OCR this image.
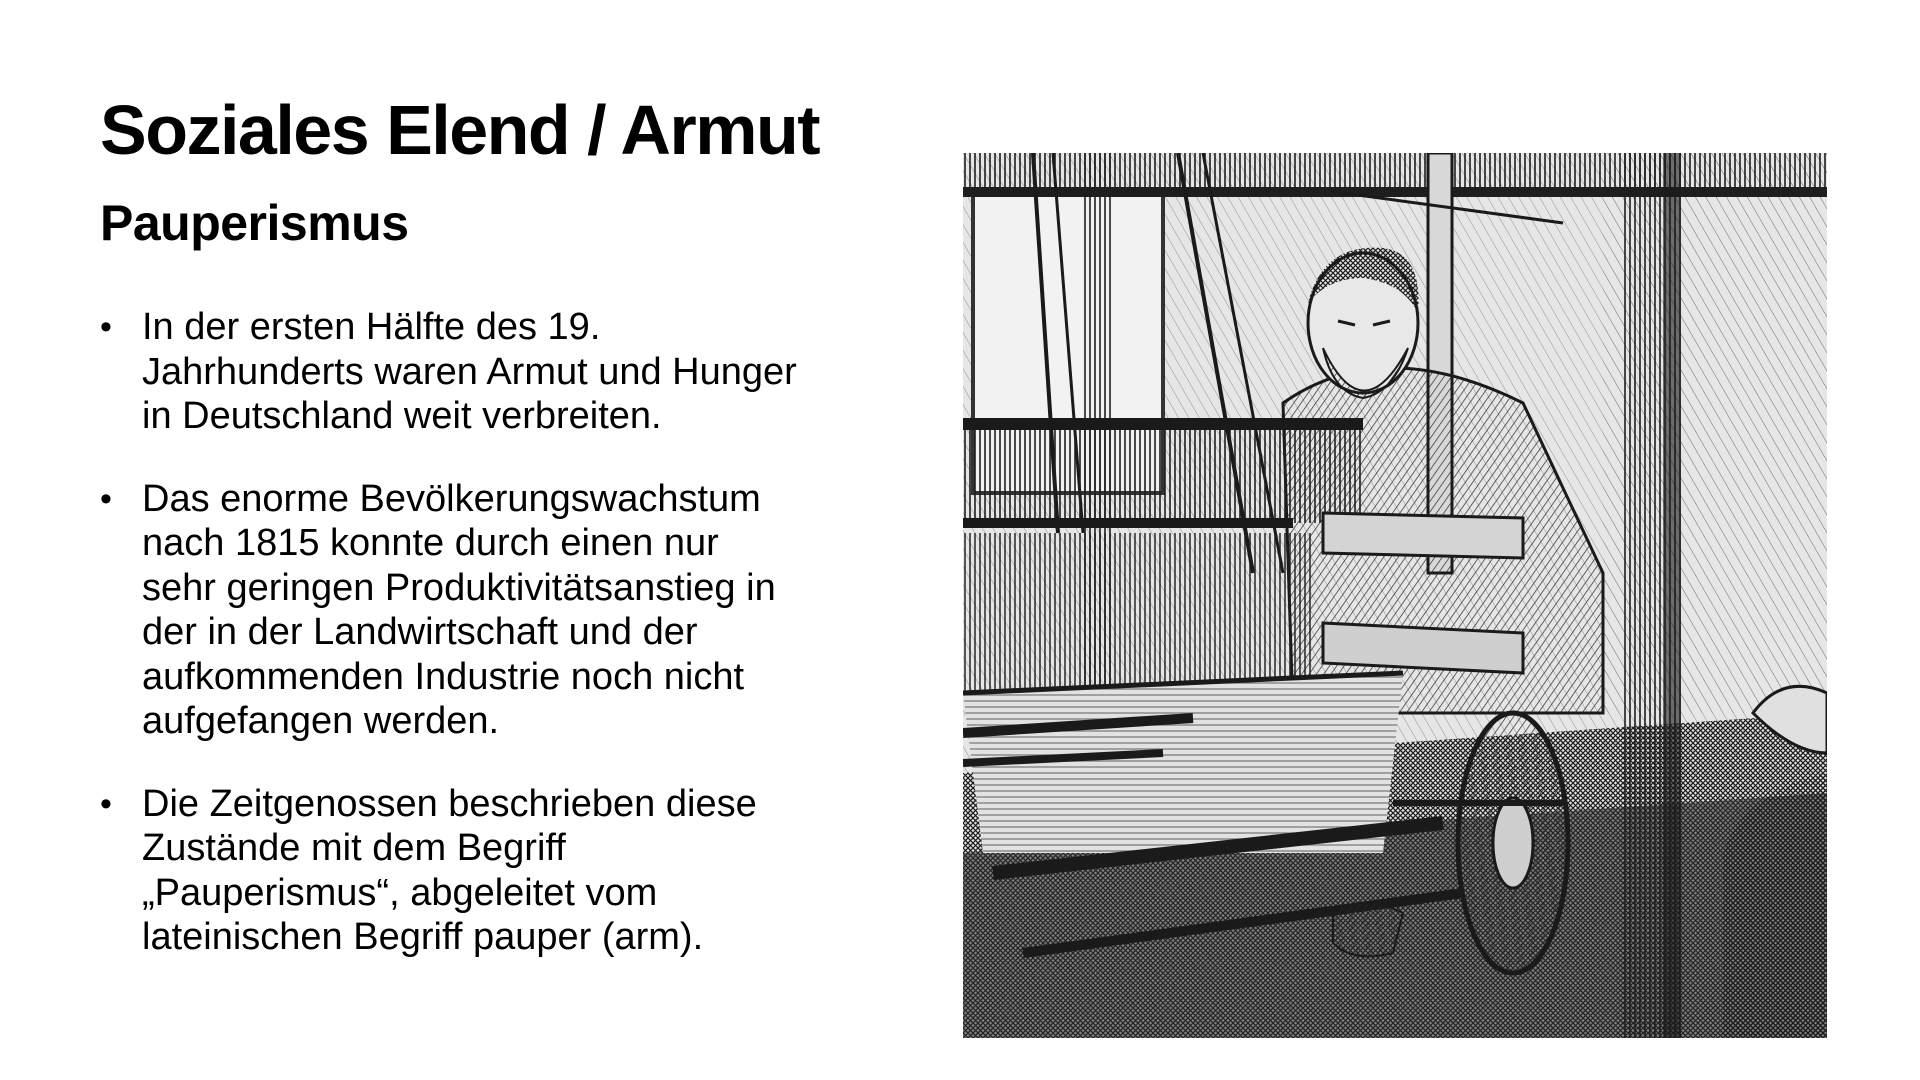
Soziales Elend / Armut
Pauperismus
• In der ersten Hälfte des 19.
Jahrhunderts waren Armut und Hunger
in Deutschland weit verbreiten.
• Das enorme Bevölkerungswachstum
nach 1815 konnte durch einen nur
sehr geringen Produktivitätsanstieg in
der in der Landwirtschaft und der
aufkommenden Industrie noch nicht
aufgefangen werden.
• Die Zeitgenossen beschrieben diese
Zustände mit dem Begriff
„Pauperismus“, abgeleitet vom
lateinischen Begriff pauper (arm).
